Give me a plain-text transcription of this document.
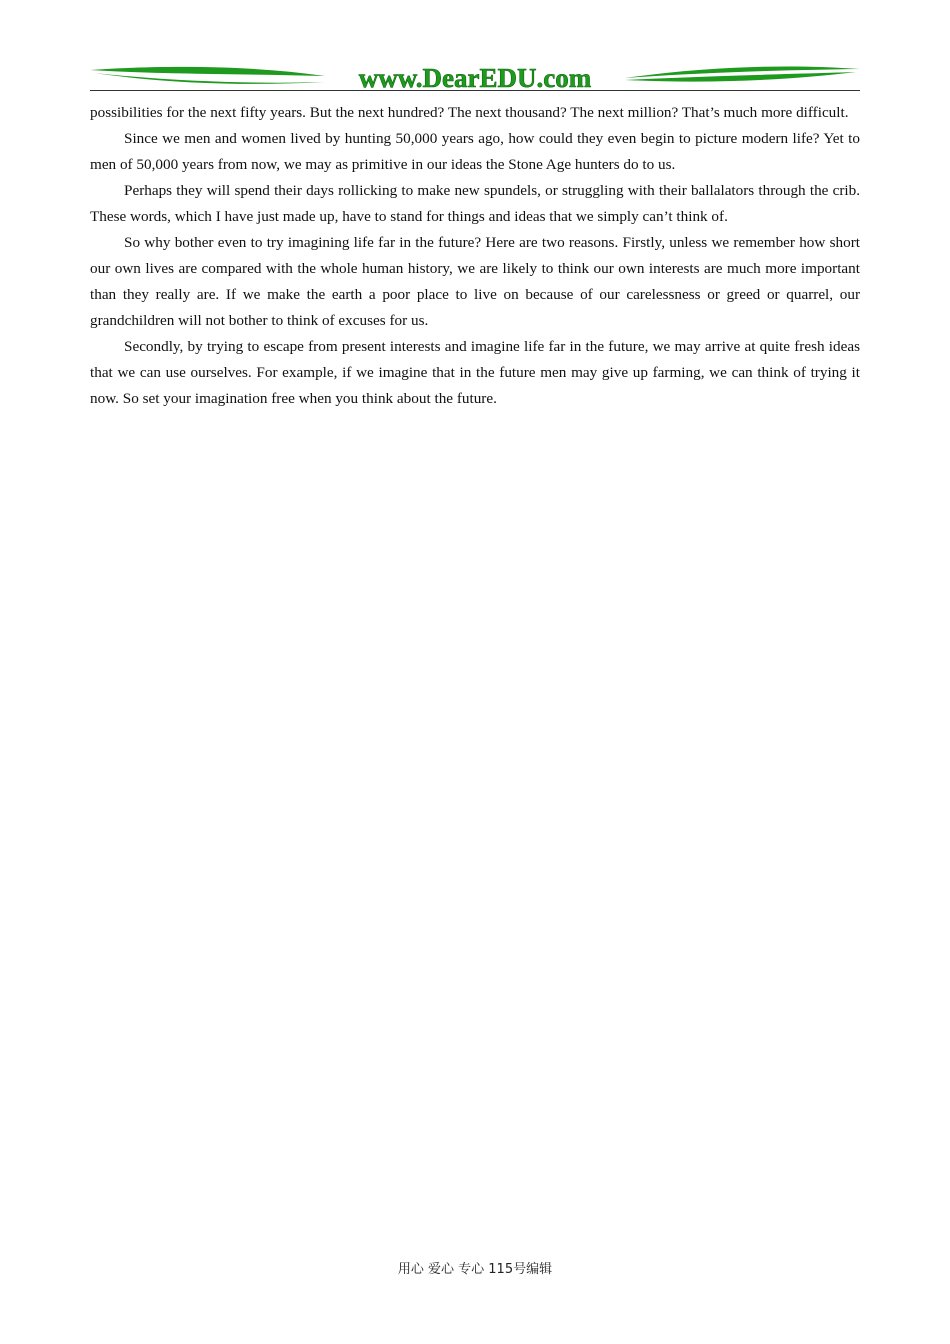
www.DearEDU.com

possibilities for the next fifty years. But the next hundred? The next thousand? The next million? That’s much more difficult.

Since we men and women lived by hunting 50,000 years ago, how could they even begin to picture modern life? Yet to men of 50,000 years from now, we may as primitive in our ideas the Stone Age hunters do to us.

Perhaps they will spend their days rollicking to make new spundels, or struggling with their ballalators through the crib. These words, which I have just made up, have to stand for things and ideas that we simply can’t think of.

So why bother even to try imagining life far in the future? Here are two reasons. Firstly, unless we remember how short our own lives are compared with the whole human history, we are likely to think our own interests are much more important than they really are. If we make the earth a poor place to live on because of our carelessness or greed or quarrel, our grandchildren will not bother to think of excuses for us.

Secondly, by trying to escape from present interests and imagine life far in the future, we may arrive at quite fresh ideas that we can use ourselves. For example, if we imagine that in the future men may give up farming, we can think of trying it now. So set your imagination free when you think about the future.

用心 爱心 专心 115号编辑
